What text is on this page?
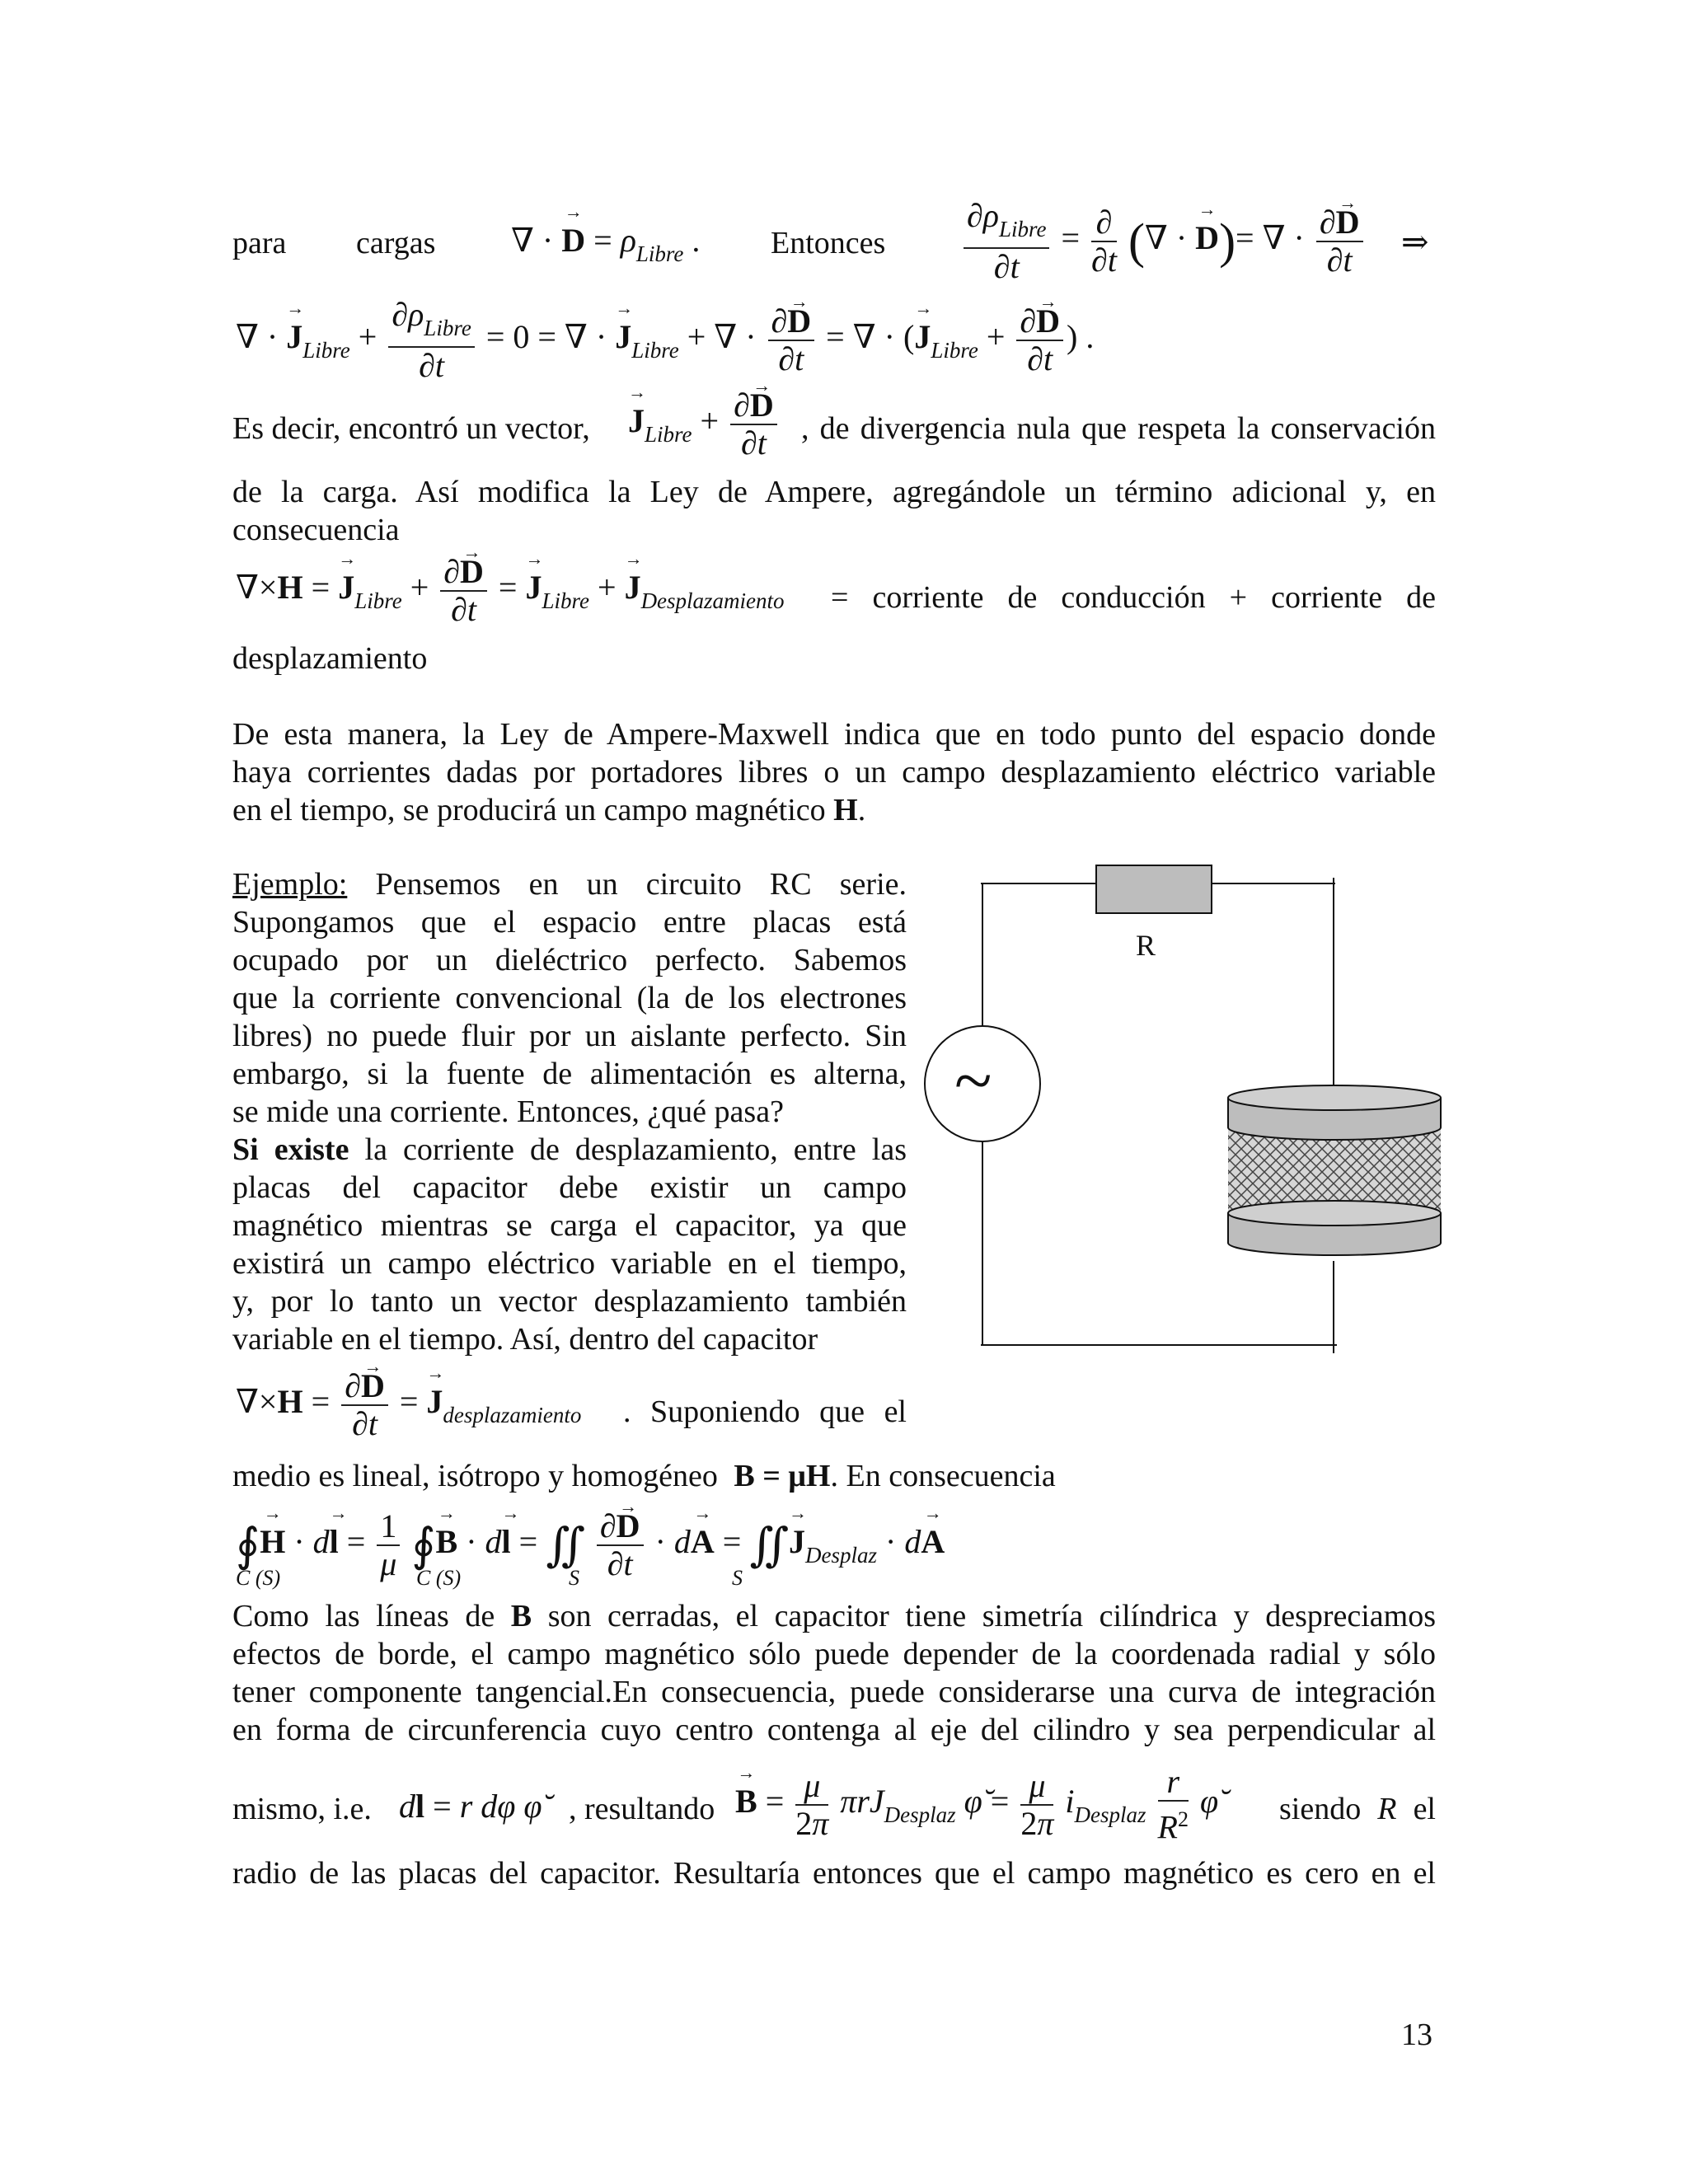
para cargas ∇ · → $D = \rho_{Libre}$ . Entonces $\frac{\partial\rho_{Libre}}{\partial t} = \frac{\partial}{\partial t}$ (∇ · → D)= ∇ · $\frac{\partial\to D}{\partial t}$ ⇒
∇ · → $J_{Libre} + \frac{\partial\rho_{Libre}}{\partial t} = 0$ = ∇ · → $J_{Libre}$ + ∇ · $\frac{\partial\to D}{\partial t}$ = ∇ · (→ $J_{Libre} + \frac{\partial\to D}{\partial t}$ ) .
Es decir, encontró un vector, → $J_{Libre} + \frac{\partial\to D}{\partial t}$ , de divergencia nula que respeta la conservación
de la carga. Así modifica la Ley de Ampere, agregándole un término adicional y, en
consecuencia
∇×H = → $J_{Libre} + \frac{\partial\to D}{\partial t}$ = → $J_{Libre}$ + → $J_{Desplazamiento}$ = corriente de conducción + corriente de
desplazamiento
De esta manera, la Ley de Ampere-Maxwell indica que en todo punto del espacio donde
haya corrientes dadas por portadores libres o un campo desplazamiento eléctrico variable
en el tiempo, se producirá un campo magnético H.
Ejemplo: Pensemos en un circuito RC serie.
Supongamos que el espacio entre placas está
ocupado por un dieléctrico perfecto. Sabemos
que la corriente convencional (la de los electrones
libres) no puede fluir por un aislante perfecto. Sin
embargo, si la fuente de alimentación es alterna,
se mide una corriente. Entonces, ¿qué pasa?
Si existe la corriente de desplazamiento, entre las
placas del capacitor debe existir un campo
magnético mientras se carga el capacitor, ya que
existirá un campo eléctrico variable en el tiempo,
y, por lo tanto un vector desplazamiento también
variable en el tiempo. Así, dentro del capacitor
$\nabla\times H = \frac{\partial\to D}{\partial t}$ = → $J_{desplazamiento}$ . Suponiendo que el
R
~
medio es lineal, isótropo y homogéneo B = μH. En consecuencia
∮→ $H \cdot d\to l = \frac{1}{\mu}$ ∮→ B · d→ l = ∬ $\frac{\partial\to D}{\partial t} \cdot d\to A$ = ∬→ $J_{Desplaz} \cdot d\to A$
C (S)	C (S)	S	S
Como las líneas de B son cerradas, el capacitor tiene simetría cilíndrica y despreciamos
efectos de borde, el campo magnético sólo puede depender de la coordenada radial y sólo
tener componente tangencial.En consecuencia, puede considerarse una curva de integración
en forma de circunferencia cuyo centro contenga al eje del cilindro y sea perpendicular al
mismo, i.e. dl = r dφ φ̆ , resultando → $B = \frac{\mu}{2\pi} \pi rJ_{Desplaz}$ φ̆ = $\frac{\mu}{2\pi} i_{Desplaz} \frac{r}{R^2}$ φ̆ siendo R el
radio de las placas del capacitor. Resultaría entonces que el campo magnético es cero en el
13
